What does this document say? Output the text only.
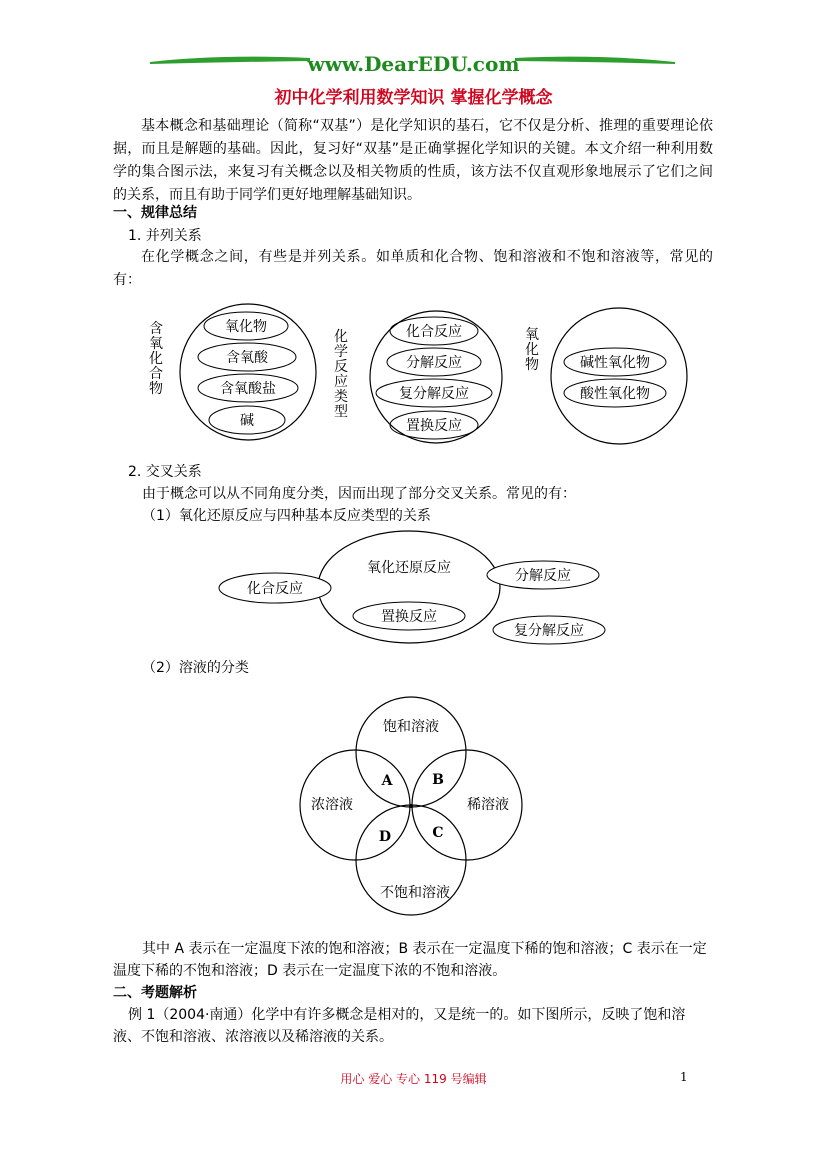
www.DearEDU.com
初中化学利用数学知识 掌握化学概念
基本概念和基础理论（简称“双基”）是化学知识的基石，它不仅是分析、推理的重要理论依据，而且是解题的基础。因此，复习好“双基”是正确掌握化学知识的关键。本文介绍一种利用数学的集合图示法，来复习有关概念以及相关物质的性质，该方法不仅直观形象地展示了它们之间的关系，而且有助于同学们更好地理解基础知识。
一、规律总结
1. 并列关系
在化学概念之间，有些是并列关系。如单质和化合物、饱和溶液和不饱和溶液等，常见的有：
氧化物
含氧酸
含氧酸盐
碱
化合反应
分解反应
复分解反应
置换反应
碱性氧化物
酸性氧化物
含
氧
化
合
物
化
学
反
应
类
型
氧
化
物
2. 交叉关系
由于概念可以从不同角度分类，因而出现了部分交叉关系。常见的有：
（1）氧化还原反应与四种基本反应类型的关系
氧化还原反应
化合反应
置换反应
分解反应
复分解反应
（2）溶液的分类
饱和溶液
浓溶液	稀溶液
不饱和溶液
A	B
C
D
其中 A 表示在一定温度下浓的饱和溶液；B 表示在一定温度下稀的饱和溶液；C 表示在一定
温度下稀的不饱和溶液；D 表示在一定温度下浓的不饱和溶液。
二、考题解析
例 1（2004·南通）化学中有许多概念是相对的，又是统一的。如下图所示，反映了饱和溶
液、不饱和溶液、浓溶液以及稀溶液的关系。
用心 爱心 专心 119 号编辑	1
